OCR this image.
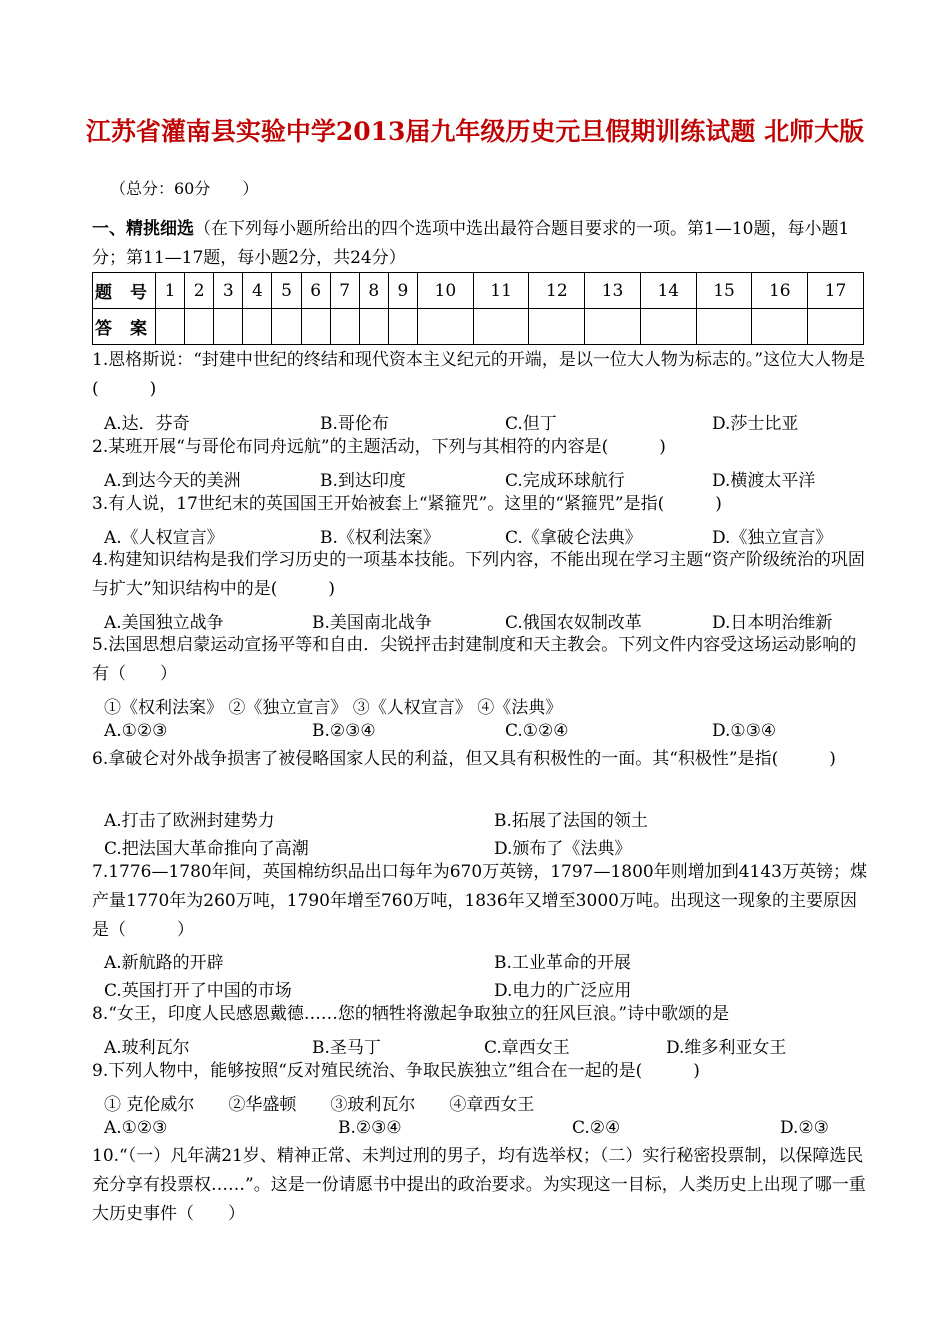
江苏省灌南县实验中学2013届九年级历史元旦假期训练试题 北师大版
（总分：60分　　）
一、精挑细选（在下列每小题所给出的四个选项中选出最符合题目要求的一项。第1—10题，每小题1分；第11—17题，每小题2分，共24分）
题 号	1	2	3	4	5	6	7	8	9	10	11	12	13	14	15	16	17
答 案																	
1.恩格斯说：“封建中世纪的终结和现代资本主义纪元的开端，是以一位大人物为标志的。”这位大人物是(　　　)
A.达．芬奇	B.哥伦布	C.但丁	D.莎士比亚
2.某班开展“与哥伦布同舟远航”的主题活动，下列与其相符的内容是(　　　)
A.到达今天的美洲	B.到达印度	C.完成环球航行	D.横渡太平洋
3.有人说，17世纪末的英国国王开始被套上“紧箍咒”。这里的“紧箍咒”是指(　　　)
A.《人权宣言》	B.《权利法案》	C.《拿破仑法典》	D.《独立宣言》
4.构建知识结构是我们学习历史的一项基本技能。下列内容，不能出现在学习主题“资产阶级统治的巩固与扩大”知识结构中的是(　　　)
A.美国独立战争	B.美国南北战争	C.俄国农奴制改革	D.日本明治维新
5.法国思想启蒙运动宣扬平等和自由．尖锐抨击封建制度和天主教会。下列文件内容受这场运动影响的有（　　）
①《权利法案》 ②《独立宣言》 ③《人权宣言》 ④《法典》
A.①②③	B.②③④	C.①②④	D.①③④
6.拿破仑对外战争损害了被侵略国家人民的利益，但又具有积极性的一面。其“积极性”是指(　　　)
A.打击了欧洲封建势力	B.拓展了法国的领土
C.把法国大革命推向了高潮	D.颁布了《法典》
7.1776—1780年间，英国棉纺织品出口每年为670万英镑，1797—1800年则增加到4143万英镑；煤产量1770年为260万吨，1790年增至760万吨，1836年又增至3000万吨。出现这一现象的主要原因是（　　　）
A.新航路的开辟	B.工业革命的开展
C.英国打开了中国的市场	D.电力的广泛应用
8.“女王，印度人民感恩戴德……您的牺牲将激起争取独立的狂风巨浪。”诗中歌颂的是
A.玻利瓦尔	B.圣马丁	C.章西女王	D.维多利亚女王
9.下列人物中，能够按照“反对殖民统治、争取民族独立”组合在一起的是(　　　)
① 克伦威尔　　②华盛顿　　③玻利瓦尔　　④章西女王
A.①②③	B.②③④	C.②④	D.②③
10.“（一）凡年满21岁、精神正常、未判过刑的男子，均有选举权；（二）实行秘密投票制，以保障选民充分享有投票权……”。这是一份请愿书中提出的政治要求。为实现这一目标，人类历史上出现了哪一重大历史事件（　　）
